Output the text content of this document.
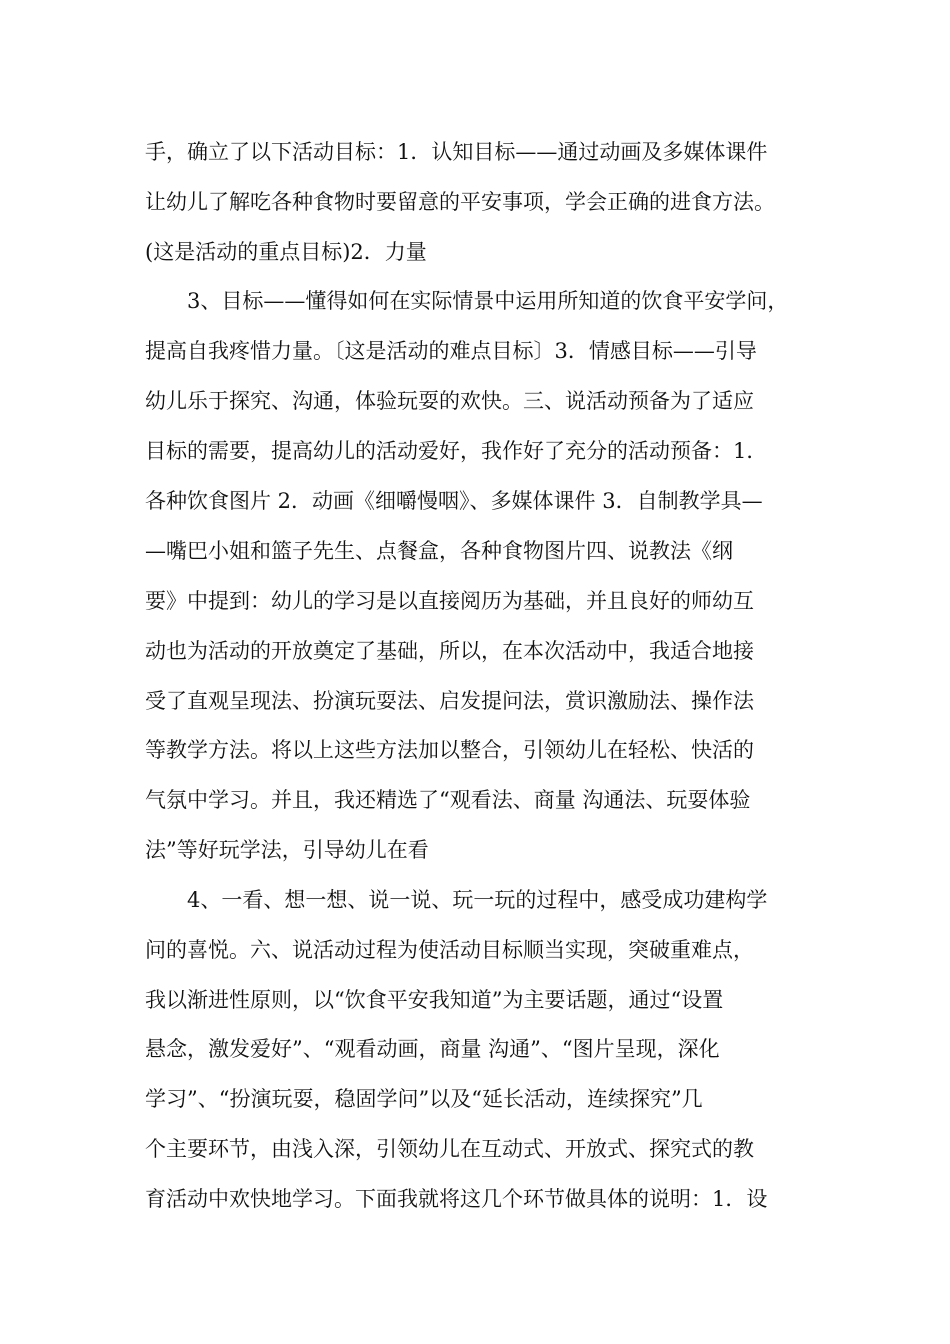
手，确立了以下活动目标：1．认知目标——通过动画及多媒体课件
让幼儿了解吃各种食物时要留意的平安事项，学会正确的进食方法。
(这是活动的重点目标)2．力量
3、目标——懂得如何在实际情景中运用所知道的饮食平安学问，
提高自我疼惜力量。〔这是活动的难点目标〕3．情感目标——引导
幼儿乐于探究、沟通，体验玩耍的欢快。三、说活动预备为了适应
目标的需要，提高幼儿的活动爱好，我作好了充分的活动预备：1．
各种饮食图片 2．动画《细嚼慢咽》、多媒体课件 3．自制教学具—
—嘴巴小姐和篮子先生、点餐盒，各种食物图片四、说教法《纲
要》中提到：幼儿的学习是以直接阅历为基础，并且良好的师幼互
动也为活动的开放奠定了基础，所以，在本次活动中，我适合地接
受了直观呈现法、扮演玩耍法、启发提问法，赏识激励法、操作法
等教学方法。将以上这些方法加以整合，引领幼儿在轻松、快活的
气氛中学习。并且，我还精选了“观看法、商量 沟通法、玩耍体验
法”等好玩学法，引导幼儿在看
4、一看、想一想、说一说、玩一玩的过程中，感受成功建构学
问的喜悦。六、说活动过程为使活动目标顺当实现，突破重难点，
我以渐进性原则，以“饮食平安我知道”为主要话题，通过“设置
悬念，激发爱好”、“观看动画，商量 沟通”、“图片呈现，深化
学习”、“扮演玩耍，稳固学问”以及“延长活动，连续探究”几
个主要环节，由浅入深，引领幼儿在互动式、开放式、探究式的教
育活动中欢快地学习。下面我就将这几个环节做具体的说明：1．设
